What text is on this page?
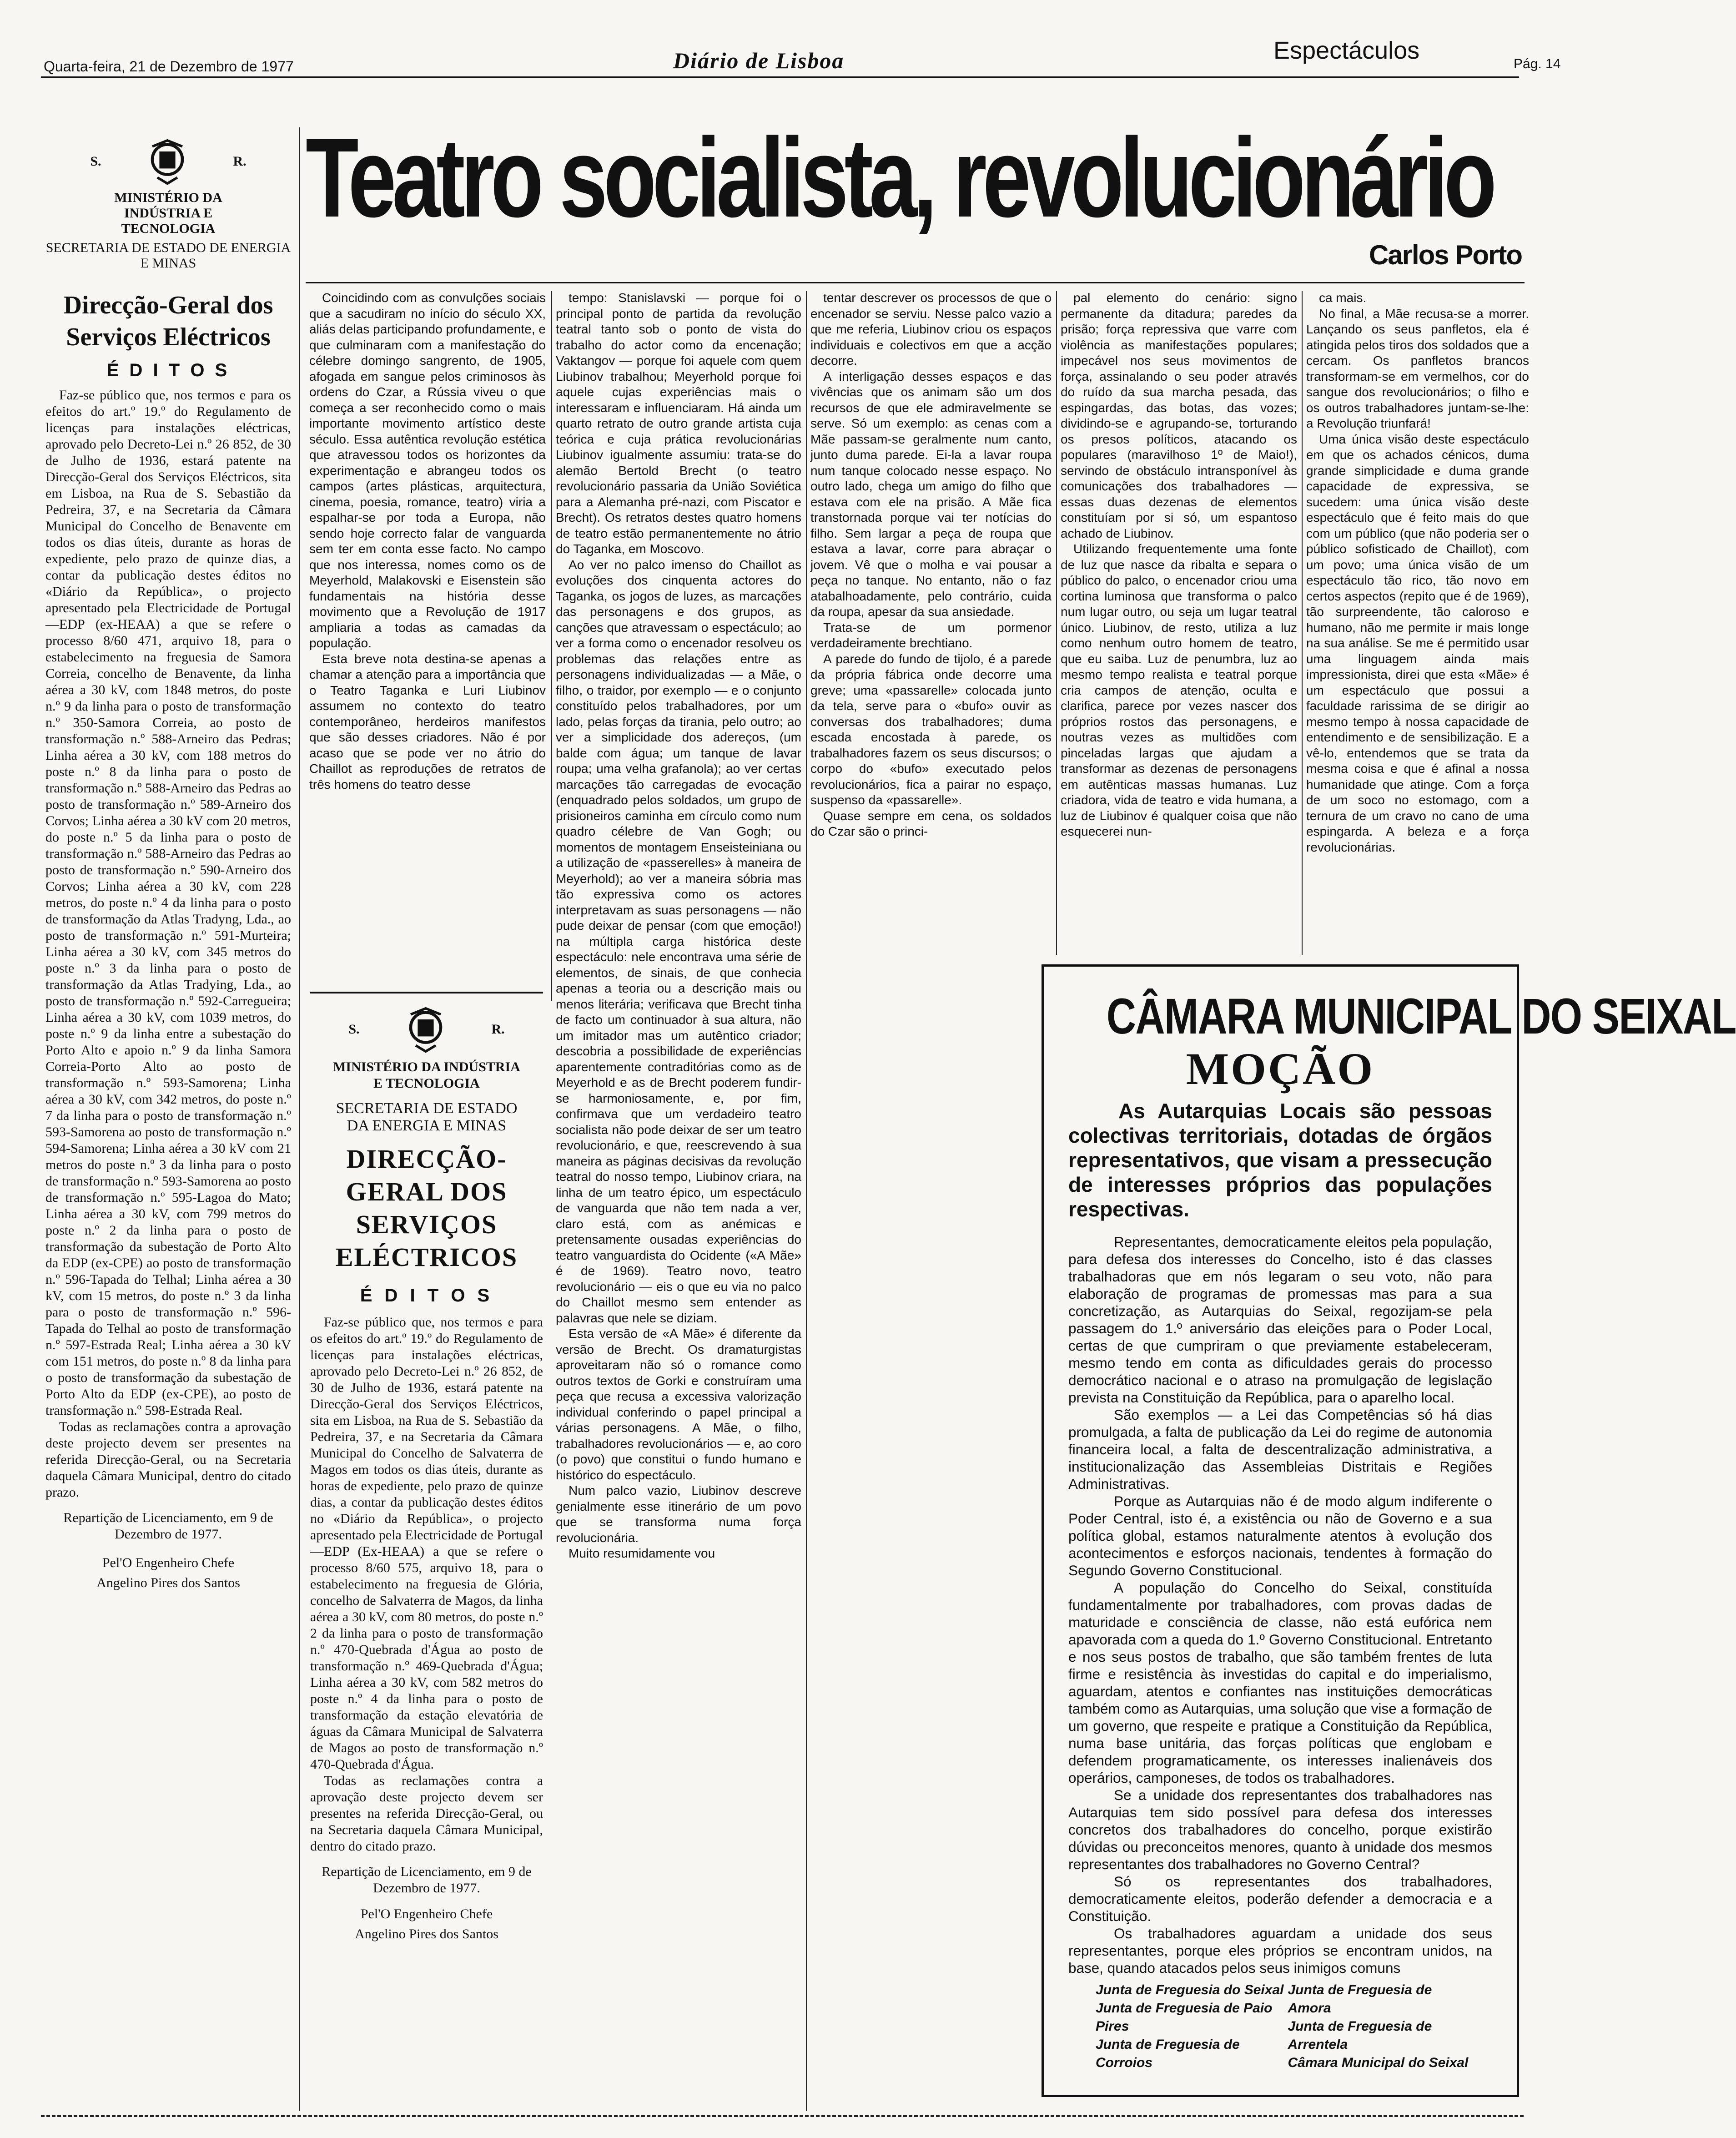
Quarta-feira, 21 de Dezembro de 1977	Diário de Lisboa	Espectáculos	Pág. 14
S.	R.
MINISTÉRIO DA INDÚSTRIA E TECNOLOGIA
SECRETARIA DE ESTADO DE ENERGIA E MINAS
Direcção-Geral dos Serviços Eléctricos
É D I T O S

Faz-se público que, nos termos e para os efeitos do art.º 19.º do Regulamento de licenças para instalações eléctricas, aprovado pelo Decreto-Lei n.º 26 852, de 30 de Julho de 1936, estará patente na Direcção-Geral dos Serviços Eléctricos, sita em Lisboa, na Rua de S. Sebastião da Pedreira, 37, e na Secretaria da Câmara Municipal do Concelho de Benavente em todos os dias úteis, durante as horas de expediente, pelo prazo de quinze dias, a contar da publicação destes éditos no «Diário da República», o projecto apresentado pela Electricidade de Portugal—EDP (ex-HEAA) a que se refere o processo 8/60 471, arquivo 18, para o estabelecimento na freguesia de Samora Correia, concelho de Benavente, da linha aérea a 30 kV, com 1848 metros, do poste n.º 9 da linha para o posto de transformação n.º 350-Samora Correia, ao posto de transformação n.º 588-Arneiro das Pedras; Linha aérea a 30 kV, com 188 metros do poste n.º 8 da linha para o posto de transformação n.º 588-Arneiro das Pedras ao posto de transformação n.º 589-Arneiro dos Corvos; Linha aérea a 30 kV com 20 metros, do poste n.º 5 da linha para o posto de transformação n.º 588-Arneiro das Pedras ao posto de transformação n.º 590-Arneiro dos Corvos; Linha aérea a 30 kV, com 228 metros, do poste n.º 4 da linha para o posto de transformação da Atlas Tradyng, Lda., ao posto de transformação n.º 591-Murteira; Linha aérea a 30 kV, com 345 metros do poste n.º 3 da linha para o posto de transformação da Atlas Tradying, Lda., ao posto de transformação n.º 592-Carregueira; Linha aérea a 30 kV, com 1039 metros, do poste n.º 9 da linha entre a subestação do Porto Alto e apoio n.º 9 da linha Samora Correia-Porto Alto ao posto de transformação n.º 593-Samorena; Linha aérea a 30 kV, com 342 metros, do poste n.º 7 da linha para o posto de transformação n.º 593-Samorena ao posto de transformação n.º 594-Samorena; Linha aérea a 30 kV com 21 metros do poste n.º 3 da linha para o posto de transformação n.º 593-Samorena ao posto de transformação n.º 595-Lagoa do Mato; Linha aérea a 30 kV, com 799 metros do poste n.º 2 da linha para o posto de transformação da subestação de Porto Alto da EDP (ex-CPE) ao posto de transformação n.º 596-Tapada do Telhal; Linha aérea a 30 kV, com 15 metros, do poste n.º 3 da linha para o posto de transformação n.º 596-Tapada do Telhal ao posto de transformação n.º 597-Estrada Real; Linha aérea a 30 kV com 151 metros, do poste n.º 8 da linha para o posto de transformação da subestação de Porto Alto da EDP (ex-CPE), ao posto de transformação n.º 598-Estrada Real.

Todas as reclamações contra a aprovação deste projecto devem ser presentes na referida Direcção-Geral, ou na Secretaria daquela Câmara Municipal, dentro do citado prazo.

Repartição de Licenciamento, em 9 de Dezembro de 1977.
Pel'O Engenheiro Chefe
Angelino Pires dos Santos
Teatro socialista, revolucionário
Carlos Porto

Coincidindo com as convulções sociais que a sacudiram no início do século XX, aliás delas participando profundamente, e que culminaram com a manifestação do célebre domingo sangrento, de 1905, afogada em sangue pelos criminosos às ordens do Czar, a Rússia viveu o que começa a ser reconhecido como o mais importante movimento artístico deste século. Essa autêntica revolução estética que atravessou todos os horizontes da experimentação e abrangeu todos os campos (artes plásticas, arquitectura, cinema, poesia, romance, teatro) viria a espalhar-se por toda a Europa, não sendo hoje correcto falar de vanguarda sem ter em conta esse facto. No campo que nos interessa, nomes como os de Meyerhold, Malakovski e Eisenstein são fundamentais na história desse movimento que a Revolução de 1917 ampliaria a todas as camadas da população.

Esta breve nota destina-se apenas a chamar a atenção para a importância que o Teatro Taganka e Luri Liubinov assumem no contexto do teatro contemporâneo, herdeiros manifestos que são desses criadores. Não é por acaso que se pode ver no átrio do Chaillot as reproduções de retratos de três homens do teatro desse

tempo: Stanislavski — porque foi o principal ponto de partida da revolução teatral tanto sob o ponto de vista do trabalho do actor como da encenação; Vaktangov — porque foi aquele com quem Liubinov trabalhou; Meyerhold porque foi aquele cujas experiências mais o interessaram e influenciaram. Há ainda um quarto retrato de outro grande artista cuja teórica e cuja prática revolucionárias Liubinov igualmente assumiu: trata-se do alemão Bertold Brecht (o teatro revolucionário passaria da União Soviética para a Alemanha pré-nazi, com Piscator e Brecht). Os retratos destes quatro homens de teatro estão permanentemente no átrio do Taganka, em Moscovo.

Ao ver no palco imenso do Chaillot as evoluções dos cinquenta actores do Taganka, os jogos de luzes, as marcações das personagens e dos grupos, as canções que atravessam o espectáculo; ao ver a forma como o encenador resolveu os problemas das relações entre as personagens individualizadas — a Mãe, o filho, o traidor, por exemplo — e o conjunto constituído pelos trabalhadores, por um lado, pelas forças da tirania, pelo outro; ao ver a simplicidade dos adereços, (um balde com água; um tanque de lavar roupa; uma velha grafanola); ao ver certas marcações tão carregadas de evocação (enquadrado pelos soldados, um grupo de prisioneiros caminha em círculo como num quadro célebre de Van Gogh; ou momentos de montagem Enseisteiniana ou a utilização de «passerelles» à maneira de Meyerhold); ao ver a maneira sóbria mas tão expressiva como os actores interpretavam as suas personagens — não pude deixar de pensar (com que emoção!) na múltipla carga histórica deste espectáculo: nele encontrava uma série de elementos, de sinais, de que conhecia apenas a teoria ou a descrição mais ou menos literária; verificava que Brecht tinha de facto um continuador à sua altura, não um imitador mas um autêntico criador; descobria a possibilidade de experiências aparentemente contraditórias como as de Meyerhold e as de Brecht poderem fundir-se harmoniosamente, e, por fim, confirmava que um verdadeiro teatro socialista não pode deixar de ser um teatro revolucionário, e que, reescrevendo à sua maneira as páginas decisivas da revolução teatral do nosso tempo, Liubinov criara, na linha de um teatro épico, um espectáculo de vanguarda que não tem nada a ver, claro está, com as anémicas e pretensamente ousadas experiências do teatro vanguardista do Ocidente («A Mãe» é de 1969). Teatro novo, teatro revolucionário — eis o que eu via no palco do Chaillot mesmo sem entender as palavras que nele se diziam.

Esta versão de «A Mãe» é diferente da versão de Brecht. Os dramaturgistas aproveitaram não só o romance como outros textos de Gorki e construíram uma peça que recusa a excessiva valorização individual conferindo o papel principal a várias personagens. A Mãe, o filho, trabalhadores revolucionários — e, ao coro (o povo) que constitui o fundo humano e histórico do espectáculo.

Num palco vazio, Liubinov descreve genialmente esse itinerário de um povo que se transforma numa força revolucionária.

Muito resumidamente vou

tentar descrever os processos de que o encenador se serviu. Nesse palco vazio a que me referia, Liubinov criou os espaços individuais e colectivos em que a acção decorre.

A interligação desses espaços e das vivências que os animam são um dos recursos de que ele admiravelmente se serve. Só um exemplo: as cenas com a Mãe passam-se geralmente num canto, junto duma parede. Ei-la a lavar roupa num tanque colocado nesse espaço. No outro lado, chega um amigo do filho que estava com ele na prisão. A Mãe fica transtornada porque vai ter notícias do filho. Sem largar a peça de roupa que estava a lavar, corre para abraçar o jovem. Vê que o molha e vai pousar a peça no tanque. No entanto, não o faz atabalhoadamente, pelo contrário, cuida da roupa, apesar da sua ansiedade.

Trata-se de um pormenor verdadeiramente brechtiano.

A parede do fundo de tijolo, é a parede da própria fábrica onde decorre uma greve; uma «passarelle» colocada junto da tela, serve para o «bufo» ouvir as conversas dos trabalhadores; duma escada encostada à parede, os trabalhadores fazem os seus discursos; o corpo do «bufo» executado pelos revolucionários, fica a pairar no espaço, suspenso da «passarelle».

Quase sempre em cena, os soldados do Czar são o princi-

pal elemento do cenário: signo permanente da ditadura; paredes da prisão; força repressiva que varre com violência as manifestações populares; impecável nos seus movimentos de força, assinalando o seu poder através do ruído da sua marcha pesada, das espingardas, das botas, das vozes; dividindo-se e agrupando-se, torturando os presos políticos, atacando os populares (maravilhoso 1º de Maio!), servindo de obstáculo intransponível às comunicações dos trabalhadores — essas duas dezenas de elementos constituíam por si só, um espantoso achado de Liubinov.

Utilizando frequentemente uma fonte de luz que nasce da ribalta e separa o público do palco, o encenador criou uma cortina luminosa que transforma o palco num lugar outro, ou seja um lugar teatral único. Liubinov, de resto, utiliza a luz como nenhum outro homem de teatro, que eu saiba. Luz de penumbra, luz ao mesmo tempo realista e teatral porque cria campos de atenção, oculta e clarifica, parece por vezes nascer dos próprios rostos das personagens, e noutras vezes as multidões com pinceladas largas que ajudam a transformar as dezenas de personagens em autênticas massas humanas. Luz criadora, vida de teatro e vida humana, a luz de Liubinov é qualquer coisa que não esquecerei nun-

ca mais.

No final, a Mãe recusa-se a morrer. Lançando os seus panfletos, ela é atingida pelos tiros dos soldados que a cercam. Os panfletos brancos transformam-se em vermelhos, cor do sangue dos revolucionários; o filho e os outros trabalhadores juntam-se-lhe: a Revolução triunfará!

Uma única visão deste espectáculo em que os achados cénicos, duma grande simplicidade e duma grande capacidade de expressiva, se sucedem: uma única visão deste espectáculo que é feito mais do que com um público (que não poderia ser o público sofisticado de Chaillot), com um povo; uma única visão de um espectáculo tão rico, tão novo em certos aspectos (repito que é de 1969), tão surpreendente, tão caloroso e humano, não me permite ir mais longe na sua análise. Se me é permitido usar uma linguagem ainda mais impressionista, direi que esta «Mãe» é um espectáculo que possui a faculdade rarissima de se dirigir ao mesmo tempo à nossa capacidade de entendimento e de sensibilização. E a vê-lo, entendemos que se trata da mesma coisa e que é afinal a nossa humanidade que atinge. Com a força de um soco no estomago, com a ternura de um cravo no cano de uma espingarda. A beleza e a força revolucionárias.

S.	R.
MINISTÉRIO DA INDÚSTRIA E TECNOLOGIA
SECRETARIA DE ESTADO DA ENERGIA E MINAS
DIRECÇÃO-GERAL DOS SERVIÇOS ELÉCTRICOS
É D I T O S

Faz-se público que, nos termos e para os efeitos do art.º 19.º do Regulamento de licenças para instalações eléctricas, aprovado pelo Decreto-Lei n.º 26 852, de 30 de Julho de 1936, estará patente na Direcção-Geral dos Serviços Eléctricos, sita em Lisboa, na Rua de S. Sebastião da Pedreira, 37, e na Secretaria da Câmara Municipal do Concelho de Salvaterra de Magos em todos os dias úteis, durante as horas de expediente, pelo prazo de quinze dias, a contar da publicação destes éditos no «Diário da República», o projecto apresentado pela Electricidade de Portugal—EDP (Ex-HEAA) a que se refere o processo 8/60 575, arquivo 18, para o estabelecimento na freguesia de Glória, concelho de Salvaterra de Magos, da linha aérea a 30 kV, com 80 metros, do poste n.º 2 da linha para o posto de transformação n.º 470-Quebrada d'Água ao posto de transformação n.º 469-Quebrada d'Água; Linha aérea a 30 kV, com 582 metros do poste n.º 4 da linha para o posto de transformação da estação elevatória de águas da Câmara Municipal de Salvaterra de Magos ao posto de transformação n.º 470-Quebrada d'Água.

Todas as reclamações contra a aprovação deste projecto devem ser presentes na referida Direcção-Geral, ou na Secretaria daquela Câmara Municipal, dentro do citado prazo.

Repartição de Licenciamento, em 9 de Dezembro de 1977.
Pel'O Engenheiro Chefe
Angelino Pires dos Santos
CÂMARA MUNICIPAL DO SEIXAL
MOÇÃO
As Autarquias Locais são pessoas colectivas territoriais, dotadas de órgãos representativos, que visam a pressecução de interesses próprios das populações respectivas.

Representantes, democraticamente eleitos pela população, para defesa dos interesses do Concelho, isto é das classes trabalhadoras que em nós legaram o seu voto, não para elaboração de programas de promessas mas para a sua concretização, as Autarquias do Seixal, regozijam-se pela passagem do 1.º aniversário das eleições para o Poder Local, certas de que cumpriram o que previamente estabeleceram, mesmo tendo em conta as dificuldades gerais do processo democrático nacional e o atraso na promulgação de legislação prevista na Constituição da República, para o aparelho local.

São exemplos — a Lei das Competências só há dias promulgada, a falta de publicação da Lei do regime de autonomia financeira local, a falta de descentralização administrativa, a institucionalização das Assembleias Distritais e Regiões Administrativas.

Porque as Autarquias não é de modo algum indiferente o Poder Central, isto é, a existência ou não de Governo e a sua política global, estamos naturalmente atentos à evolução dos acontecimentos e esforços nacionais, tendentes à formação do Segundo Governo Constitucional.

A população do Concelho do Seixal, constituída fundamentalmente por trabalhadores, com provas dadas de maturidade e consciência de classe, não está eufórica nem apavorada com a queda do 1.º Governo Constitucional. Entretanto e nos seus postos de trabalho, que são também frentes de luta firme e resistência às investidas do capital e do imperialismo, aguardam, atentos e confiantes nas instituições democráticas também como as Autarquias, uma solução que vise a formação de um governo, que respeite e pratique a Constituição da República, numa base unitária, das forças políticas que englobam e defendem programaticamente, os interesses inalienáveis dos operários, camponeses, de todos os trabalhadores.

Se a unidade dos representantes dos trabalhadores nas Autarquias tem sido possível para defesa dos interesses concretos dos trabalhadores do concelho, porque existirão dúvidas ou preconceitos menores, quanto à unidade dos mesmos representantes dos trabalhadores no Governo Central?

Só os representantes dos trabalhadores, democraticamente eleitos, poderão defender a democracia e a Constituição.

Os trabalhadores aguardam a unidade dos seus representantes, porque eles próprios se encontram unidos, na base, quando atacados pelos seus inimigos comuns

Junta de Freguesia do Seixal
Junta de Freguesia de Paio Pires
Junta de Freguesia de Corroios
Junta de Freguesia de Amora
Junta de Freguesia de Arrentela
Câmara Municipal do Seixal
